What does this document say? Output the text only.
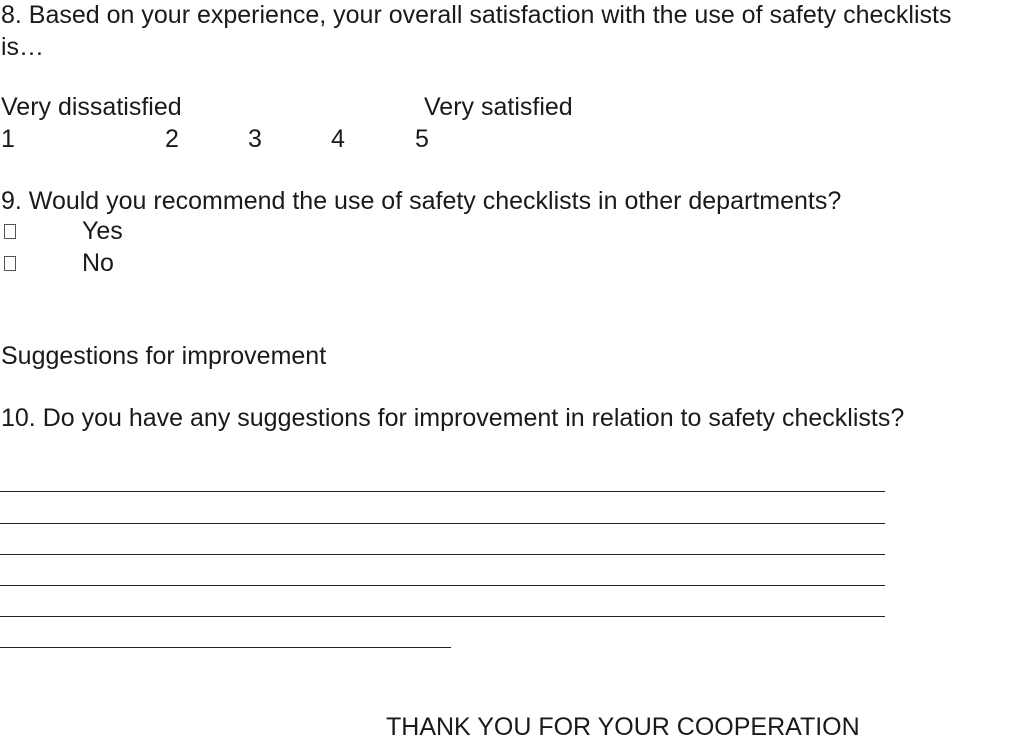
8. Based on your experience, your overall satisfaction with the use of safety checklists
is…
Very dissatisfied	Very satisfied
1	2	3	4	5
9. Would you recommend the use of safety checklists in other departments?
Yes
No
Suggestions for improvement
10. Do you have any suggestions for improvement in relation to safety checklists?
THANK YOU FOR YOUR COOPERATION
